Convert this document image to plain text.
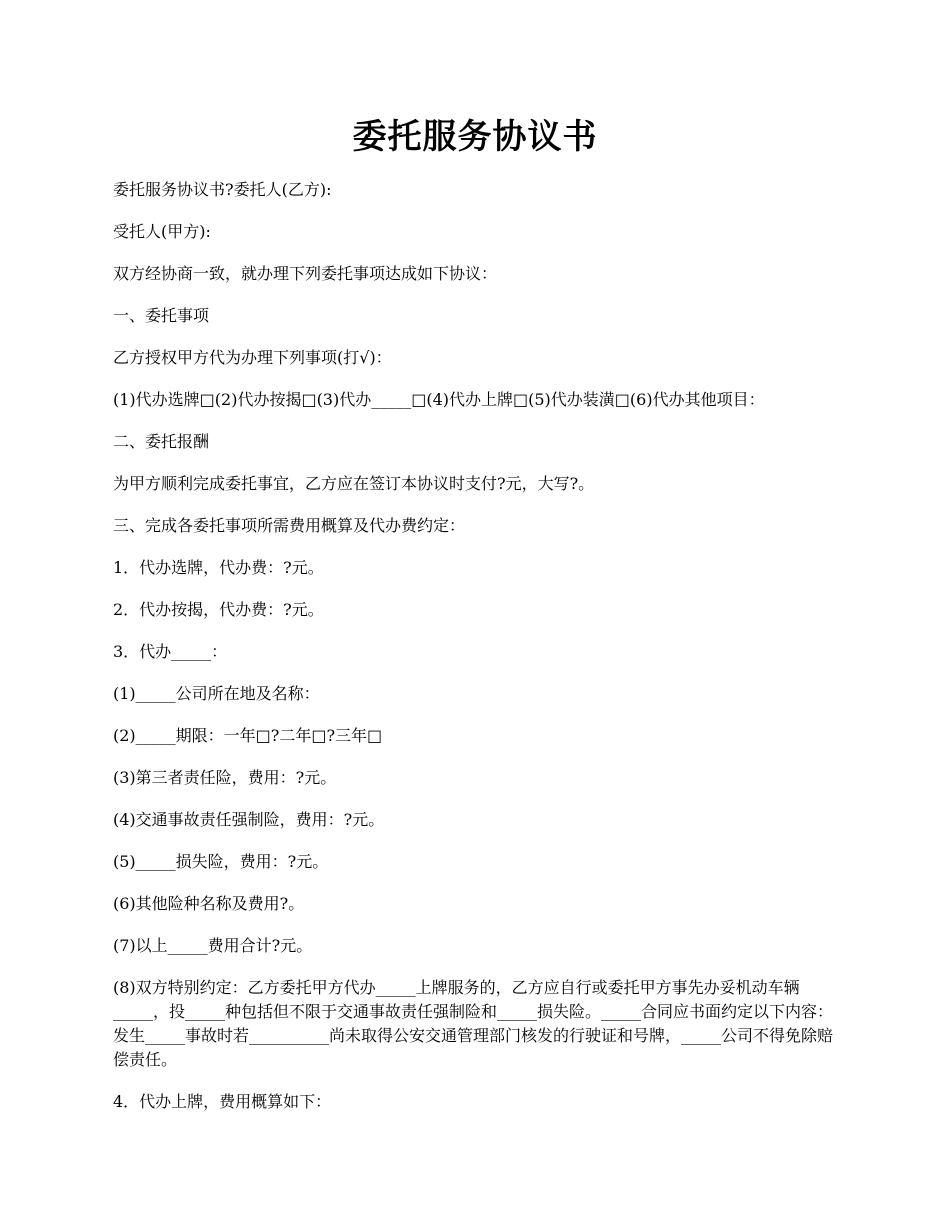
委托服务协议书

委托服务协议书?委托人(乙方):

受托人(甲方):

双方经协商一致，就办理下列委托事项达成如下协议：

一、委托事项

乙方授权甲方代为办理下列事项(打√)：

(1)代办选牌□(2)代办按揭□(3)代办_____□(4)代办上牌□(5)代办装潢□(6)代办其他项目：

二、委托报酬

为甲方顺利完成委托事宜，乙方应在签订本协议时支付?元，大写?。

三、完成各委托事项所需费用概算及代办费约定：

1．代办选牌，代办费：?元。

2．代办按揭，代办费：?元。

3．代办_____：

(1)_____公司所在地及名称：

(2)_____期限：一年□?二年□?三年□

(3)第三者责任险，费用：?元。

(4)交通事故责任强制险，费用：?元。

(5)_____损失险，费用：?元。

(6)其他险种名称及费用?。

(7)以上_____费用合计?元。

(8)双方特别约定：乙方委托甲方代办_____上牌服务的，乙方应自行或委托甲方事先办妥机动车辆_____，投_____种包括但不限于交通事故责任强制险和_____损失险。_____合同应书面约定以下内容：发生_____事故时若__________尚未取得公安交通管理部门核发的行驶证和号牌，_____公司不得免除赔偿责任。

4．代办上牌，费用概算如下：
